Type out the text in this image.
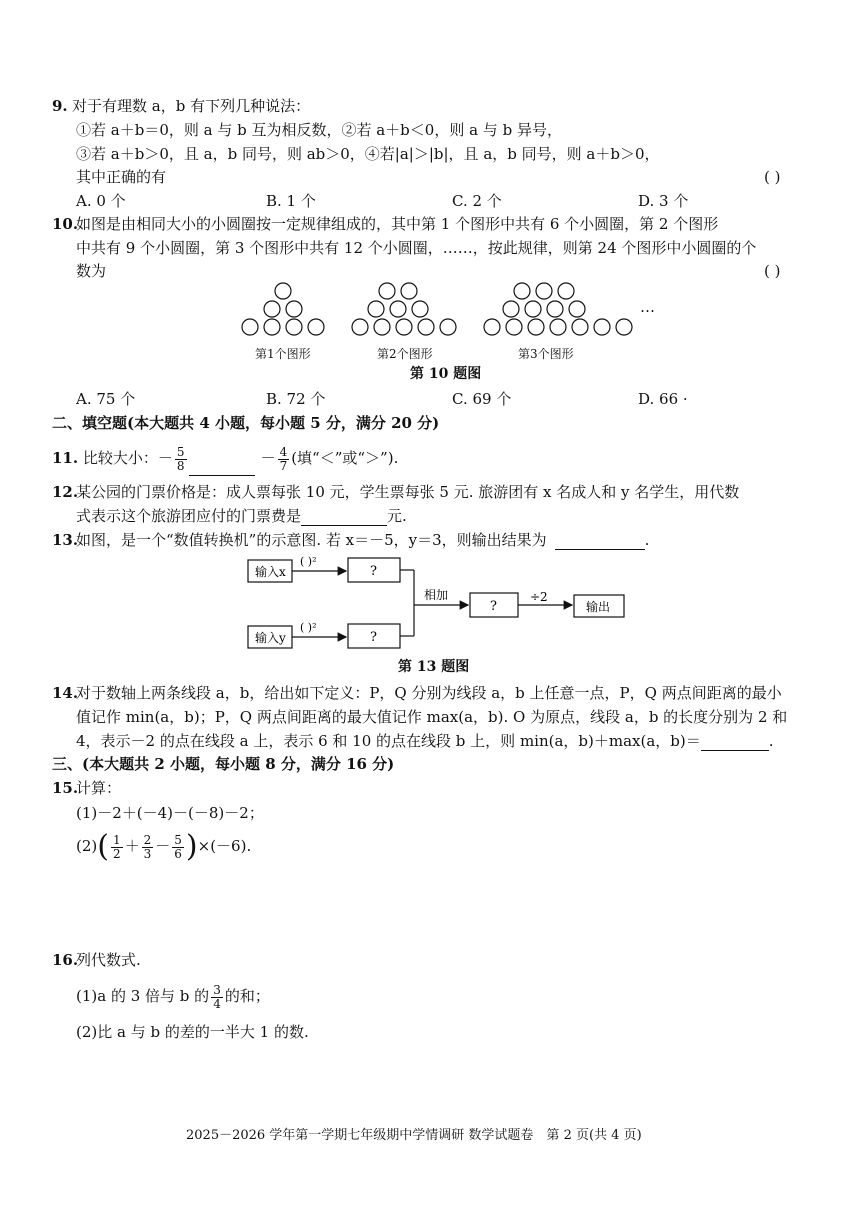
9. 对于有理数 a，b 有下列几种说法：
①若 a＋b＝0，则 a 与 b 互为相反数，②若 a＋b＜0，则 a 与 b 异号，
③若 a＋b＞0，且 a，b 同号，则 ab＞0，④若|a|＞|b|，且 a，b 同号，则 a＋b＞0，
其中正确的有	( )
A. 0 个	B. 1 个	C. 2 个	D. 3 个
10.
如图是由相同大小的小圆圈按一定规律组成的，其中第 1 个图形中共有 6 个小圆圈，第 2 个图形
中共有 9 个小圆圈，第 3 个图形中共有 12 个小圆圈，……，按此规律，则第 24 个图形中小圆圈的个
数为	( )
…
第1个图形	第2个图形	第3个图形
第 10 题图
A. 75 个	B. 72 个	C. 69 个	D. 66 ·
二、填空题(本大题共 4 小题，每小题 5 分，满分 20 分)
11. 比较大小：－ $\frac{5}{8}$	－ $\frac{4}{7}$ (填“＜”或“＞”).
12.
某公园的门票价格是：成人票每张 10 元，学生票每张 5 元. 旅游团有 x 名成人和 y 名学生，用代数
式表示这个旅游团应付的门票费是	元.
13.
如图，是一个“数值转换机”的示意图. 若 x＝－5，y＝3，则输出结果为	.
输入x
输入y
( )²
( )²
?
?
相加
?
÷2
输出
第 13 题图
14.
对于数轴上两条线段 a，b，给出如下定义：P，Q 分别为线段 a，b 上任意一点，P，Q 两点间距离的最小
值记作 min(a，b)；P，Q 两点间距离的最大值记作 max(a，b). O 为原点，线段 a，b 的长度分别为 2 和
4，表示－2 的点在线段 a 上，表示 6 和 10 的点在线段 b 上，则 min(a，b)＋max(a，b)＝	.
三、(本大题共 2 小题，每小题 8 分，满分 16 分)
15.
计算：
(1)－2＋(－4)－(－8)－2；
$(2)( \frac{1}{2} + \frac{2}{3} - \frac{5}{6} )\times(-6)$.
16.
列代数式.
(1)a 的 3 倍与 b 的 $\frac{3}{4}$ 的和；
(2)比 a 与 b 的差的一半大 1 的数.
2025－2026 学年第一学期七年级期中学情调研 数学试题卷　第 2 页(共 4 页)
